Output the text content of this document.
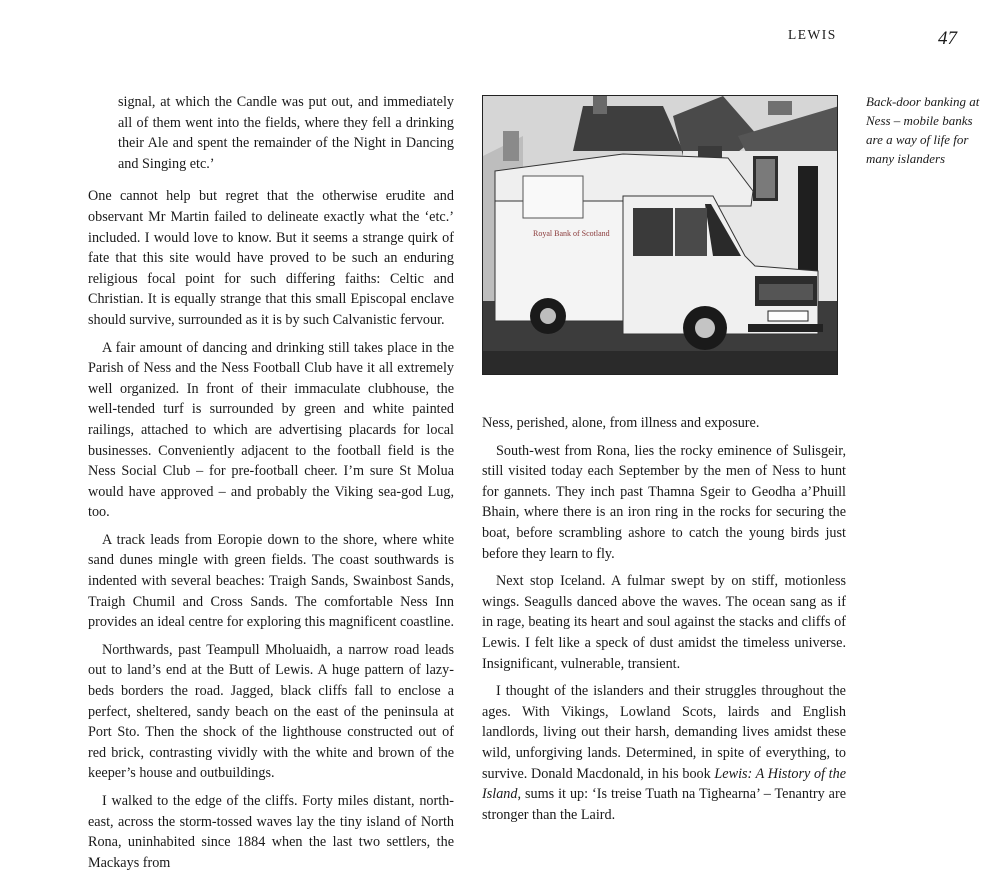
LEWIS	47

signal, at which the Candle was put out, and immediately all of them went into the fields, where they fell a drinking their Ale and spent the remainder of the Night in Dancing and Singing etc.’

One cannot help but regret that the otherwise erudite and observant Mr Martin failed to delineate exactly what the ‘etc.’ included. I would love to know. But it seems a strange quirk of fate that this site would have proved to be such an enduring religious focal point for such differing faiths: Celtic and Christian. It is equally strange that this small Episcopal enclave should survive, surrounded as it is by such Calvanistic fervour.

A fair amount of dancing and drinking still takes place in the Parish of Ness and the Ness Football Club have it all extremely well organized. In front of their immaculate clubhouse, the well-tended turf is surrounded by green and white painted railings, attached to which are advertising placards for local businesses. Conveniently adjacent to the football field is the Ness Social Club – for pre-football cheer. I’m sure St Molua would have approved – and probably the Viking sea-god Lug, too.

A track leads from Eoropie down to the shore, where white sand dunes mingle with green fields. The coast southwards is indented with several beaches: Traigh Sands, Swainbost Sands, Traigh Chumil and Cross Sands. The comfortable Ness Inn provides an ideal centre for exploring this magnificent coastline.

Northwards, past Teampull Mholuaidh, a narrow road leads out to land’s end at the Butt of Lewis. A huge pattern of lazy-beds borders the road. Jagged, black cliffs fall to enclose a perfect, sheltered, sandy beach on the east of the peninsula at Port Sto. Then the shock of the lighthouse constructed out of red brick, contrasting vividly with the white and brown of the keeper’s house and outbuildings.

I walked to the edge of the cliffs. Forty miles distant, north-east, across the storm-tossed waves lay the tiny island of North Rona, uninhabited since 1884 when the last two settlers, the Mackays from

Royal Bank of Scotland

Back-door banking at Ness – mobile banks are a way of life for many islanders

Ness, perished, alone, from illness and exposure.

South-west from Rona, lies the rocky eminence of Sulisgeir, still visited today each September by the men of Ness to hunt for gannets. They inch past Thamna Sgeir to Geodha a’Phuill Bhain, where there is an iron ring in the rocks for securing the boat, before scrambling ashore to catch the young birds just before they learn to fly.

Next stop Iceland. A fulmar swept by on stiff, motionless wings. Seagulls danced above the waves. The ocean sang as if in rage, beating its heart and soul against the stacks and cliffs of Lewis. I felt like a speck of dust amidst the timeless universe. Insignificant, vulnerable, transient.

I thought of the islanders and their struggles throughout the ages. With Vikings, Lowland Scots, lairds and English landlords, living out their harsh, demanding lives amidst these wild, unforgiving lands. Determined, in spite of everything, to survive. Donald Macdonald, in his book Lewis: A History of the Island, sums it up: ‘Is treise Tuath na Tighearna’ – Tenantry are stronger than the Laird.
